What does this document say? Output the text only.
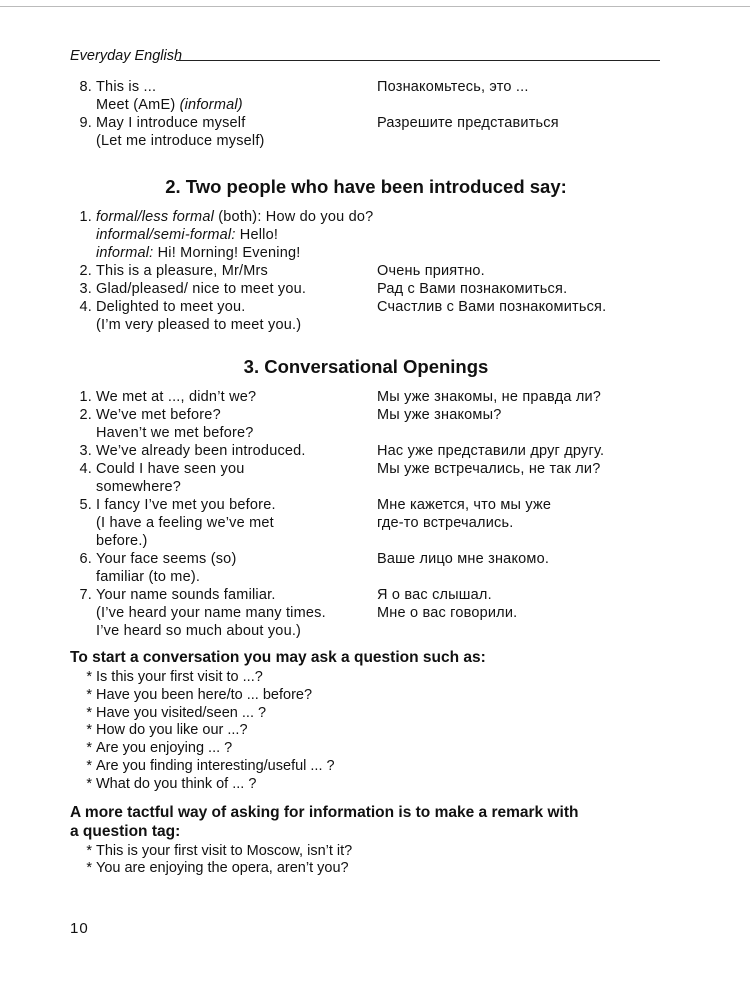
Everyday English
8. This is ...	Познакомьтесь, это ...
Meet (AmE) (informal)
9. May I introduce myself	Разрешите представиться
(Let me introduce myself)
2. Two people who have been introduced say:
1. formal/less formal (both): How do you do?
informal/semi-formal: Hello!
informal: Hi! Morning! Evening!
2. This is a pleasure, Mr/Mrs	Очень приятно.
3. Glad/pleased/ nice to meet you.	Рад с Вами познакомиться.
4. Delighted to meet you.	Счастлив с Вами познакомиться.
(I’m very pleased to meet you.)
3. Conversational Openings
1. We met at ..., didn’t we?	Мы уже знакомы, не правда ли?
2. We’ve met before?	Мы уже знакомы?
Haven’t we met before?
3. We’ve already been introduced.	Нас уже представили друг другу.
4. Could I have seen you	Мы уже встречались, не так ли?
somewhere?
5. I fancy I’ve met you before.	Мне кажется, что мы уже
(I have a feeling we’ve met	где-то встречались.
before.)
6. Your face seems (so)	Ваше лицо мне знакомо.
familiar (to me).
7. Your name sounds familiar.	Я о вас слышал.
(I’ve heard your name many times.	Мне о вас говорили.
I’ve heard so much about you.)
To start a conversation you may ask a question such as:
* Is this your first visit to ...?
* Have you been here/to ... before?
* Have you visited/seen ... ?
* How do you like our ...?
* Are you enjoying ... ?
* Are you finding interesting/useful ... ?
* What do you think of ... ?
A more tactful way of asking for information is to make a remark with
a question tag:
* This is your first visit to Moscow, isn’t it?
* You are enjoying the opera, aren’t you?
10
